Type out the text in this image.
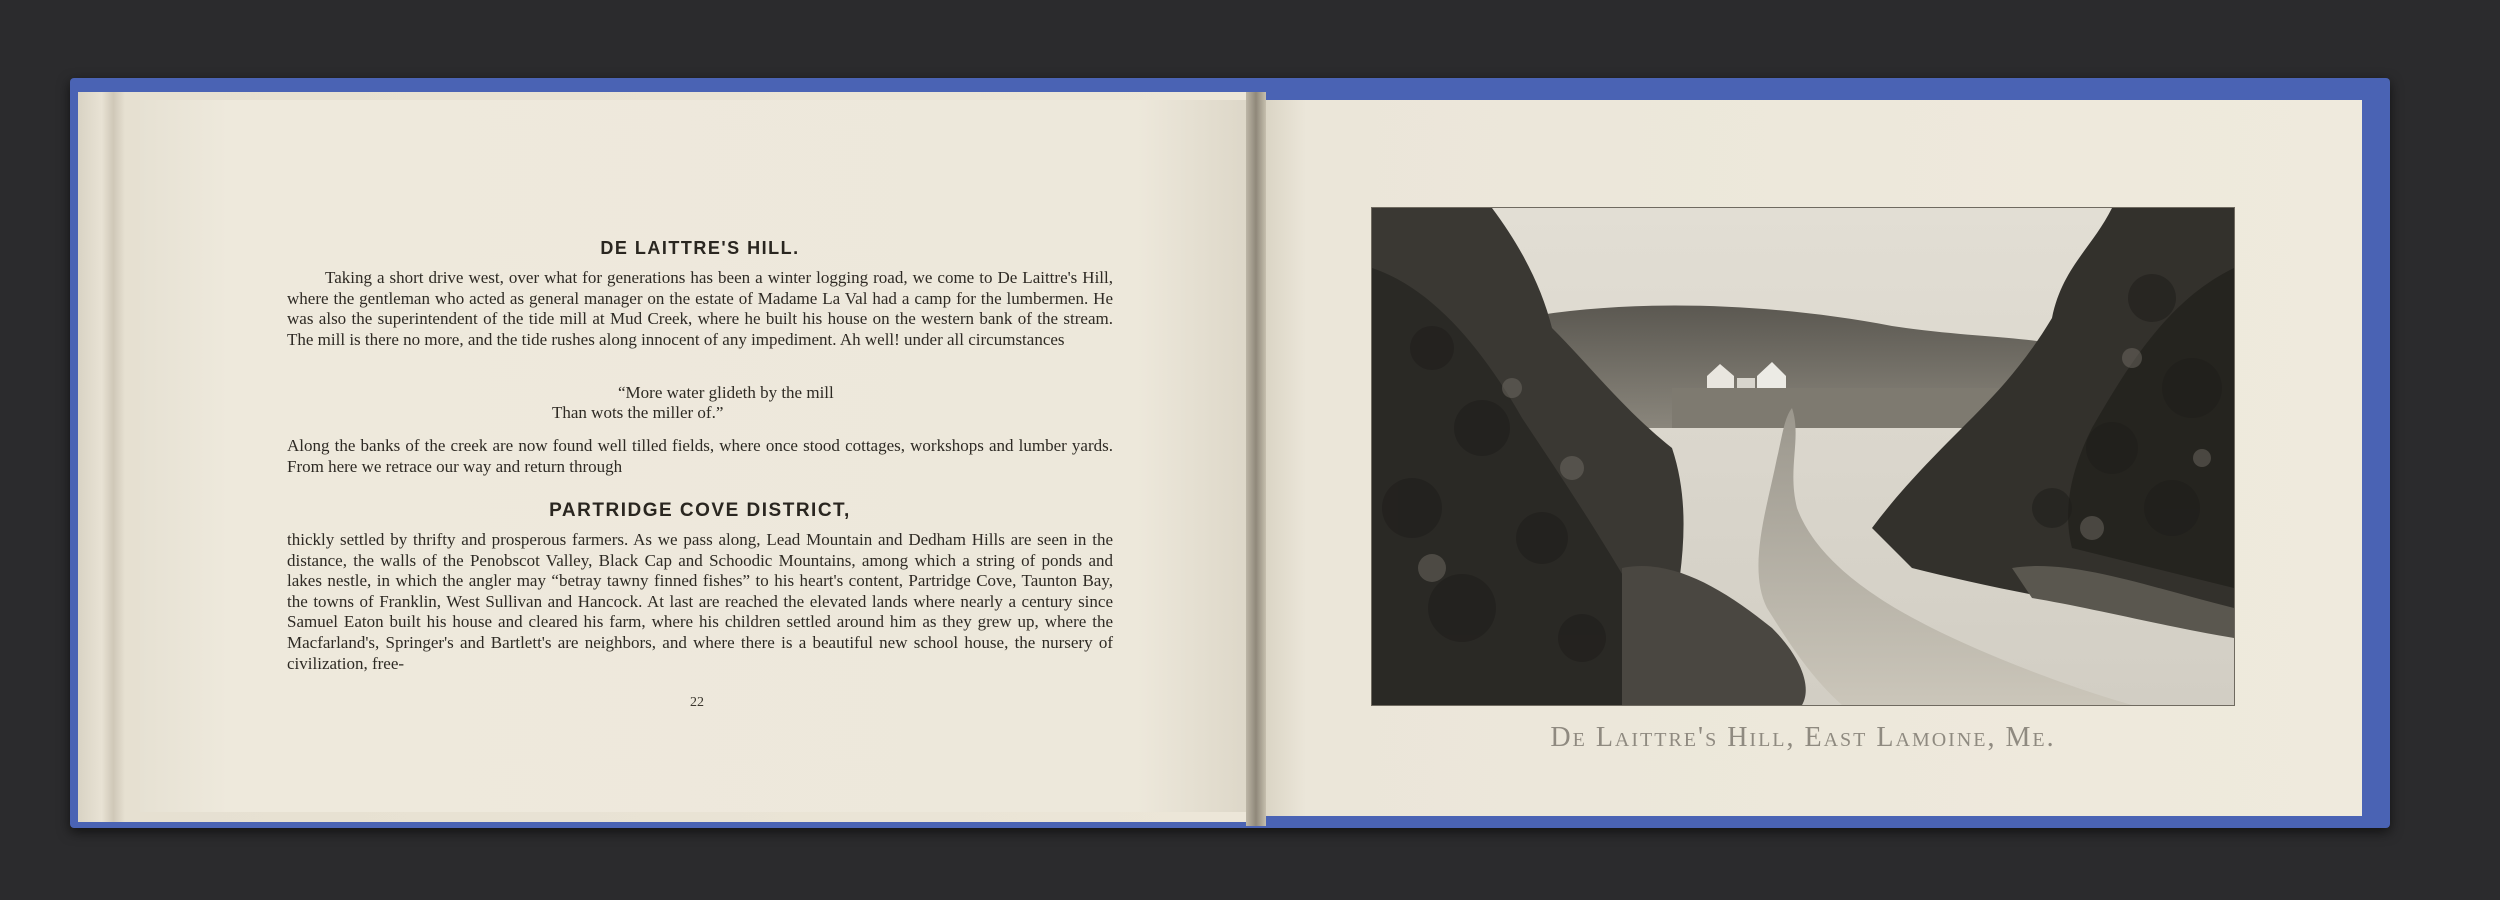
DE LAITTRE'S HILL.

Taking a short drive west, over what for generations has been a winter logging road, we come to De Laittre's Hill, where the gentleman who acted as general manager on the estate of Madame La Val had a camp for the lumbermen. He was also the superintendent of the tide mill at Mud Creek, where he built his house on the western bank of the stream. The mill is there no more, and the tide rushes along innocent of any impediment. Ah well! under all circumstances

“More water glideth by the mill
Than wots the miller of.”

Along the banks of the creek are now found well tilled fields, where once stood cottages, workshops and lumber yards. From here we retrace our way and return through

PARTRIDGE COVE DISTRICT,

thickly settled by thrifty and prosperous farmers. As we pass along, Lead Mountain and Dedham Hills are seen in the distance, the walls of the Penobscot Valley, Black Cap and Schoodic Mountains, among which a string of ponds and lakes nestle, in which the angler may “betray tawny finned fishes” to his heart's content, Partridge Cove, Taunton Bay, the towns of Franklin, West Sullivan and Hancock. At last are reached the elevated lands where nearly a century since Samuel Eaton built his house and cleared his farm, where his children settled around him as they grew up, where the Macfarland's, Springer's and Bartlett's are neighbors, and where there is a beautiful new school house, the nursery of civilization, free-

22
De Laittre's Hill, East Lamoine, Me.
